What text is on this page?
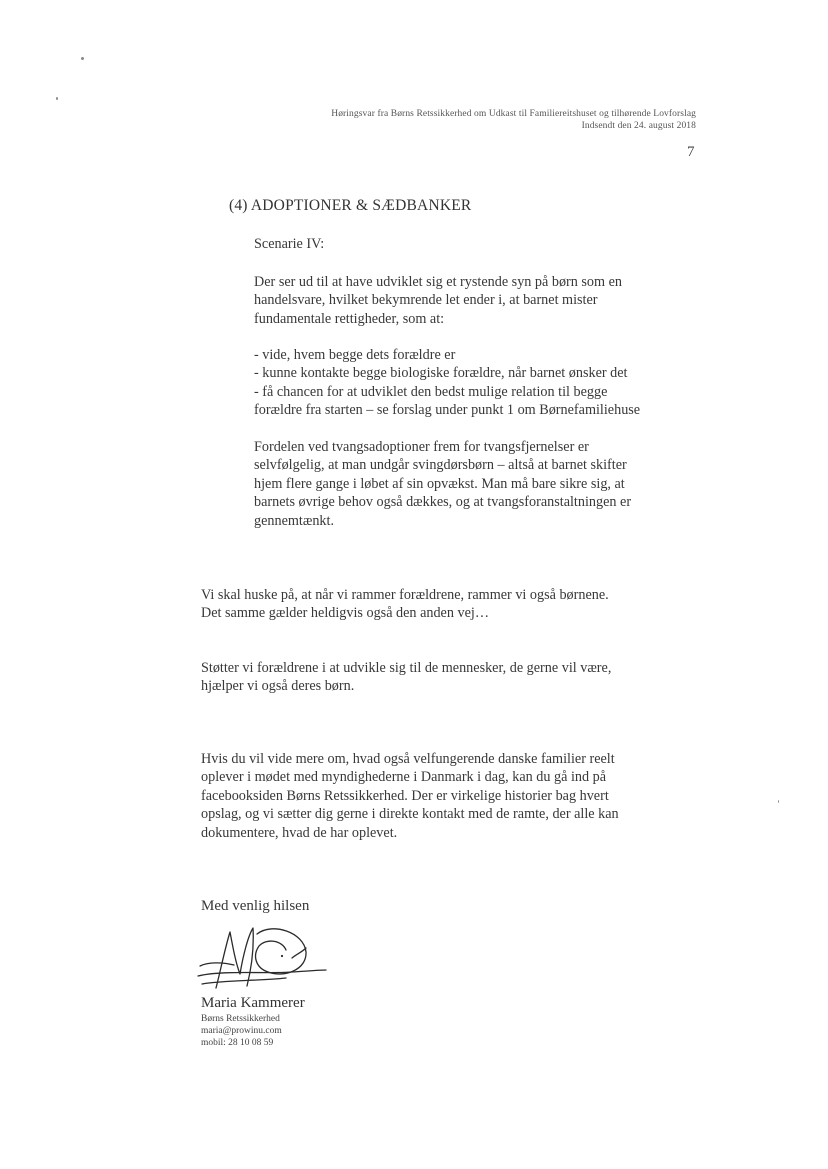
Høringsvar fra Børns Retssikkerhed om Udkast til Familiereitshuset og tilhørende Lovforslag
Indsendt den 24. august 2018
7
(4) ADOPTIONER & SÆDBANKER
Scenarie IV:
Der ser ud til at have udviklet sig et rystende syn på børn som en
handelsvare, hvilket bekymrende let ender i, at barnet mister
fundamentale rettigheder, som at:
- vide, hvem begge dets forældre er
- kunne kontakte begge biologiske forældre, når barnet ønsker det
- få chancen for at udviklet den bedst mulige relation til begge
forældre fra starten – se forslag under punkt 1 om Børnefamiliehuse
Fordelen ved tvangsadoptioner frem for tvangsfjernelser er
selvfølgelig, at man undgår svingdørsbørn – altså at barnet skifter
hjem flere gange i løbet af sin opvækst. Man må bare sikre sig, at
barnets øvrige behov også dækkes, og at tvangsforanstaltningen er
gennemtænkt.
Vi skal huske på, at når vi rammer forældrene, rammer vi også børnene.
Det samme gælder heldigvis også den anden vej…
Støtter vi forældrene i at udvikle sig til de mennesker, de gerne vil være,
hjælper vi også deres børn.
Hvis du vil vide mere om, hvad også velfungerende danske familier reelt
oplever i mødet med myndighederne i Danmark i dag, kan du gå ind på
facebooksiden Børns Retssikkerhed. Der er virkelige historier bag hvert
opslag, og vi sætter dig gerne i direkte kontakt med de ramte, der alle kan
dokumentere, hvad de har oplevet.
Med venlig hilsen
Maria Kammerer
Børns Retssikkerhed
maria@prowinu.com
mobil: 28 10 08 59
